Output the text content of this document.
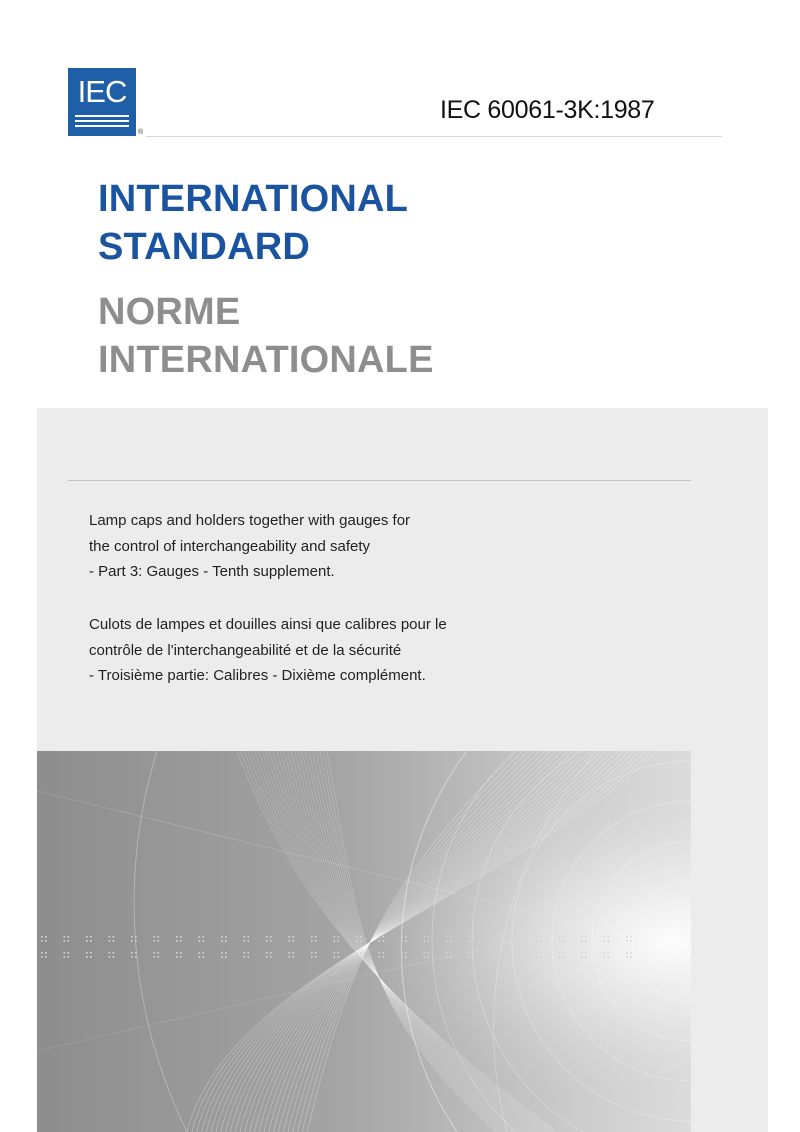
IEC
®
IEC 60061-3K:1987
INTERNATIONAL
STANDARD
NORME
INTERNATIONALE

Lamp caps and holders together with gauges for
the control of interchangeability and safety
- Part 3: Gauges - Tenth supplement.

Culots de lampes et douilles ainsi que calibres pour le
contrôle de l'interchangeabilité et de la sécurité
- Troisième partie: Calibres - Dixième complément.
